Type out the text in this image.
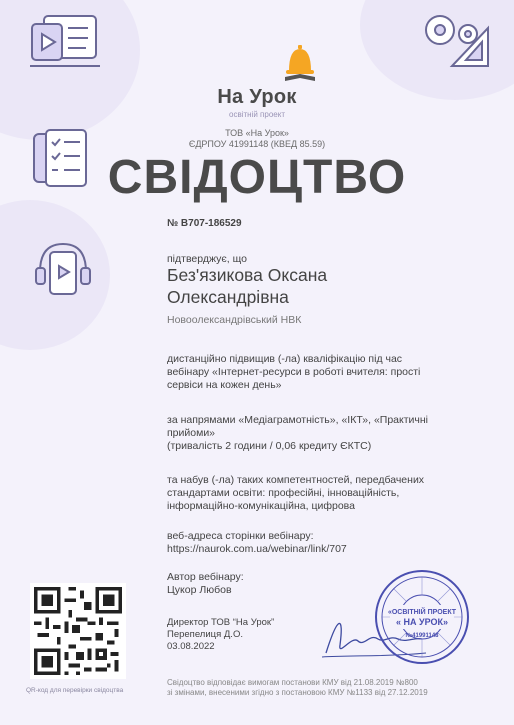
На Урок
освітній проект
ТОВ «На Урок»
ЄДРПОУ 41991148 (КВЕД 85.59)
СВІДОЦТВО
№ B707-186529
підтверджує, що
Без'язикова Оксана
Олександрівна
Новоолександрівський НВК
дистанційно підвищив (-ла) кваліфікацію під час
вебінару «Інтернет-ресурси в роботі вчителя: прості
сервіси на кожен день»
за напрямами «Медіаграмотність», «ІКТ», «Практичні
прийоми»
(тривалість 2 години / 0,06 кредиту ЄКТС)
та набув (-ла) таких компетентностей, передбачених
стандартами освіти: професійні, інноваційність,
інформаційно-комунікаційна, цифрова
веб-адреса сторінки вебінару:
https://naurok.com.ua/webinar/link/707
Автор вебінару:
Цукор Любов
Директор ТОВ “На Урок”
Перепелиця Д.О.
03.08.2022
«ОСВІТНІЙ ПРОЕКТ
« НА УРОК»
№41991148
QR-код для перевірки свідоцтва
Свідоцтво відповідає вимогам постанови КМУ від 21.08.2019 №800
зі змінами, внесеними згідно з постановою КМУ №1133 від 27.12.2019
